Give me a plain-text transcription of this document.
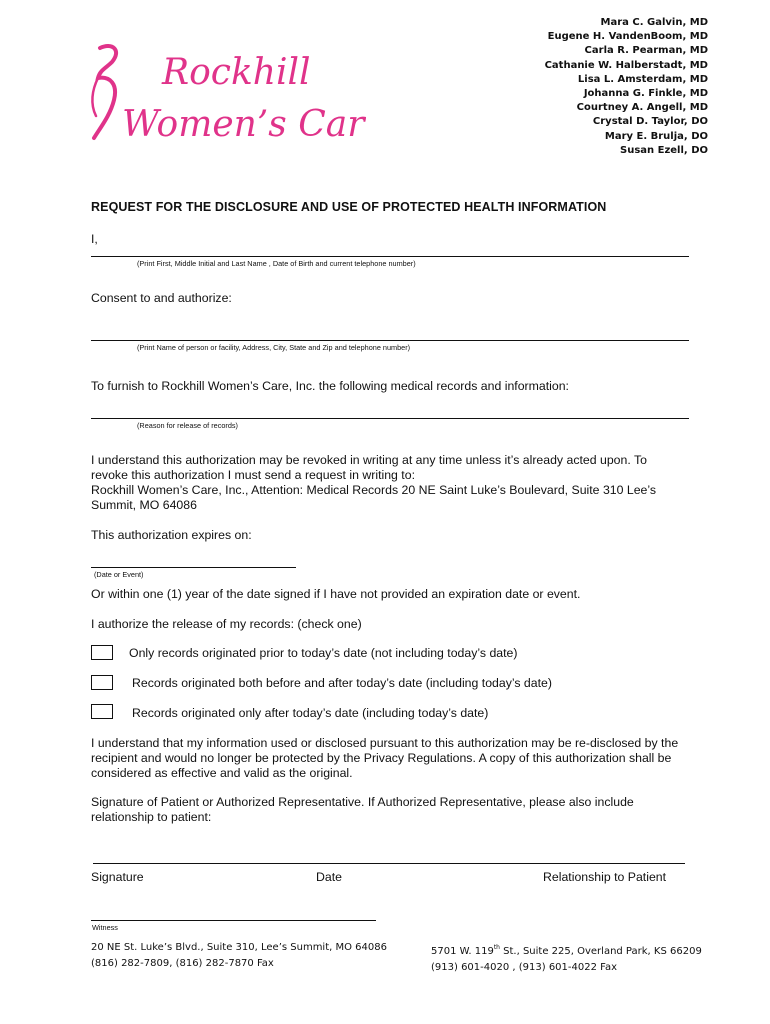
Mara C. Galvin, MD
Eugene H. VandenBoom, MD
Carla R. Pearman, MD
Cathanie W. Halberstadt, MD
Lisa L. Amsterdam, MD
Johanna G. Finkle, MD
Courtney A. Angell, MD
Crystal D. Taylor, DO
Mary E. Brulja, DO
Susan Ezell, DO
Rockhill
Women’s Care
REQUEST FOR THE DISCLOSURE AND USE OF PROTECTED HEALTH INFORMATION
I,
(Print First, Middle Initial and Last Name , Date of Birth and current telephone number)
Consent to and authorize:
(Print Name of person or facility, Address, City, State and Zip and telephone number)
To furnish to Rockhill Women’s Care, Inc. the following medical records and information:
(Reason for release of records)
I understand this authorization may be revoked in writing at any time unless it’s already acted upon. To revoke this authorization I must send a request in writing to:
Rockhill Women’s Care, Inc., Attention: Medical Records 20 NE Saint Luke’s Boulevard, Suite 310 Lee’s Summit, MO 64086
This authorization expires on:
(Date or Event)
Or within one (1) year of the date signed if I have not provided an expiration date or event.
I authorize the release of my records: (check one)
Only records originated prior to today’s date (not including today’s date)
Records originated both before and after today’s date (including today’s date)
Records originated only after today’s date (including today’s date)
I understand that my information used or disclosed pursuant to this authorization may be re-disclosed by the recipient and would no longer be protected by the Privacy Regulations. A copy of this authorization shall be considered as effective and valid as the original.
Signature of Patient or Authorized Representative. If Authorized Representative, please also include relationship to patient:
Signature	Date	Relationship to Patient
Witness
20 NE St. Luke’s Blvd., Suite 310, Lee’s Summit, MO 64086
(816) 282-7809, (816) 282-7870 Fax
5701 W. 119th St., Suite 225, Overland Park, KS 66209
(913) 601-4020 , (913) 601-4022 Fax
